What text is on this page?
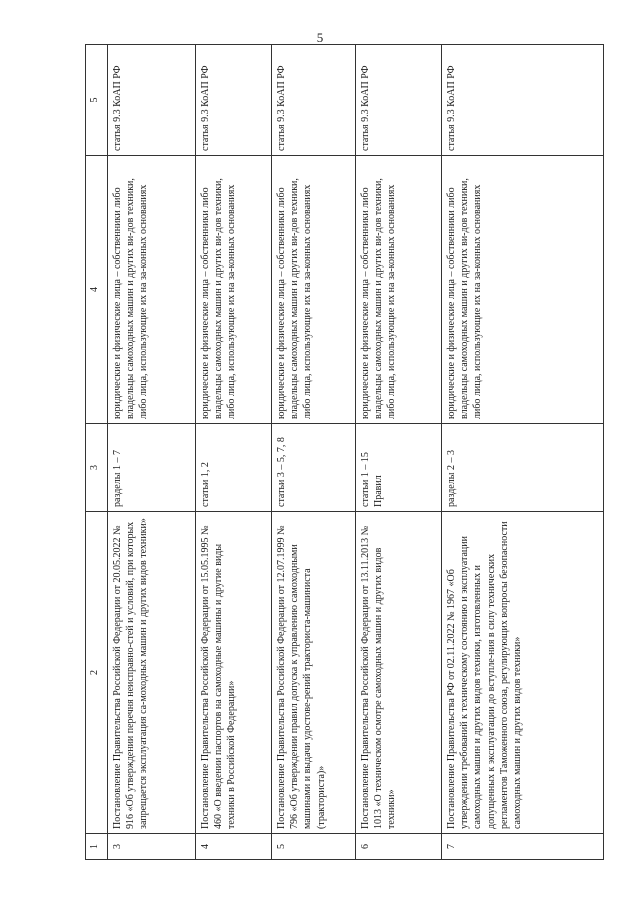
5
1	2	3	4	5
3	Постановление Правительства Российской Федерации от 20.05.2022 № 916 «Об утверждении перечня неисправно-стей и условий, при которых запрещается эксплуатация са-моходных машин и других видов техники»	разделы 1 – 7	юридические и физические лица – собственники либо владельцы самоходных машин и других ви-дов техники, либо лица, использующие их на за-конных основаниях	статья 9.3 КоАП РФ
4	Постановление Правительства Российской Федерации от 15.05.1995 № 460 «О введении паспортов на самоходные машины и другие виды техники в Российской Федерации»	статьи 1, 2	юридические и физические лица – собственники либо владельцы самоходных машин и других ви-дов техники, либо лица, использующие их на за-конных основаниях	статья 9.3 КоАП РФ
5	Постановление Правительства Российской Федерации от 12.07.1999 № 796 «Об утверждении правил допуска к управлению самоходными машинами и выдачи удостове-рений тракториста-машиниста (тракториста)»	статьи 3 – 5, 7, 8	юридические и физические лица – собственники либо владельцы самоходных машин и других ви-дов техники, либо лица, использующие их на за-конных основаниях	статья 9.3 КоАП РФ
6	Постановление Правительства Российской Федерации от 13.11.2013 № 1013 «О техническом осмотре самоходных машин и других видов техники»	статьи 1 – 15 Правил	юридические и физические лица – собственники либо владельцы самоходных машин и других ви-дов техники, либо лица, использующие их на за-конных основаниях	статья 9.3 КоАП РФ
7	Постановление Правительства РФ от 02.11.2022 № 1967 «Об утверждении требований к техническому состоянию и эксплуатации самоходных машин и других видов техники, изготовленных и допущенных к эксплуатации до вступле-ния в силу технических регламентов Таможенного союза, регулирующих вопросы безопасности самоходных машин и других видов техники»	разделы 2 – 3	юридические и физические лица – собственники либо владельцы самоходных машин и других ви-дов техники, либо лица, использующие их на за-конных основаниях	статья 9.3 КоАП РФ
